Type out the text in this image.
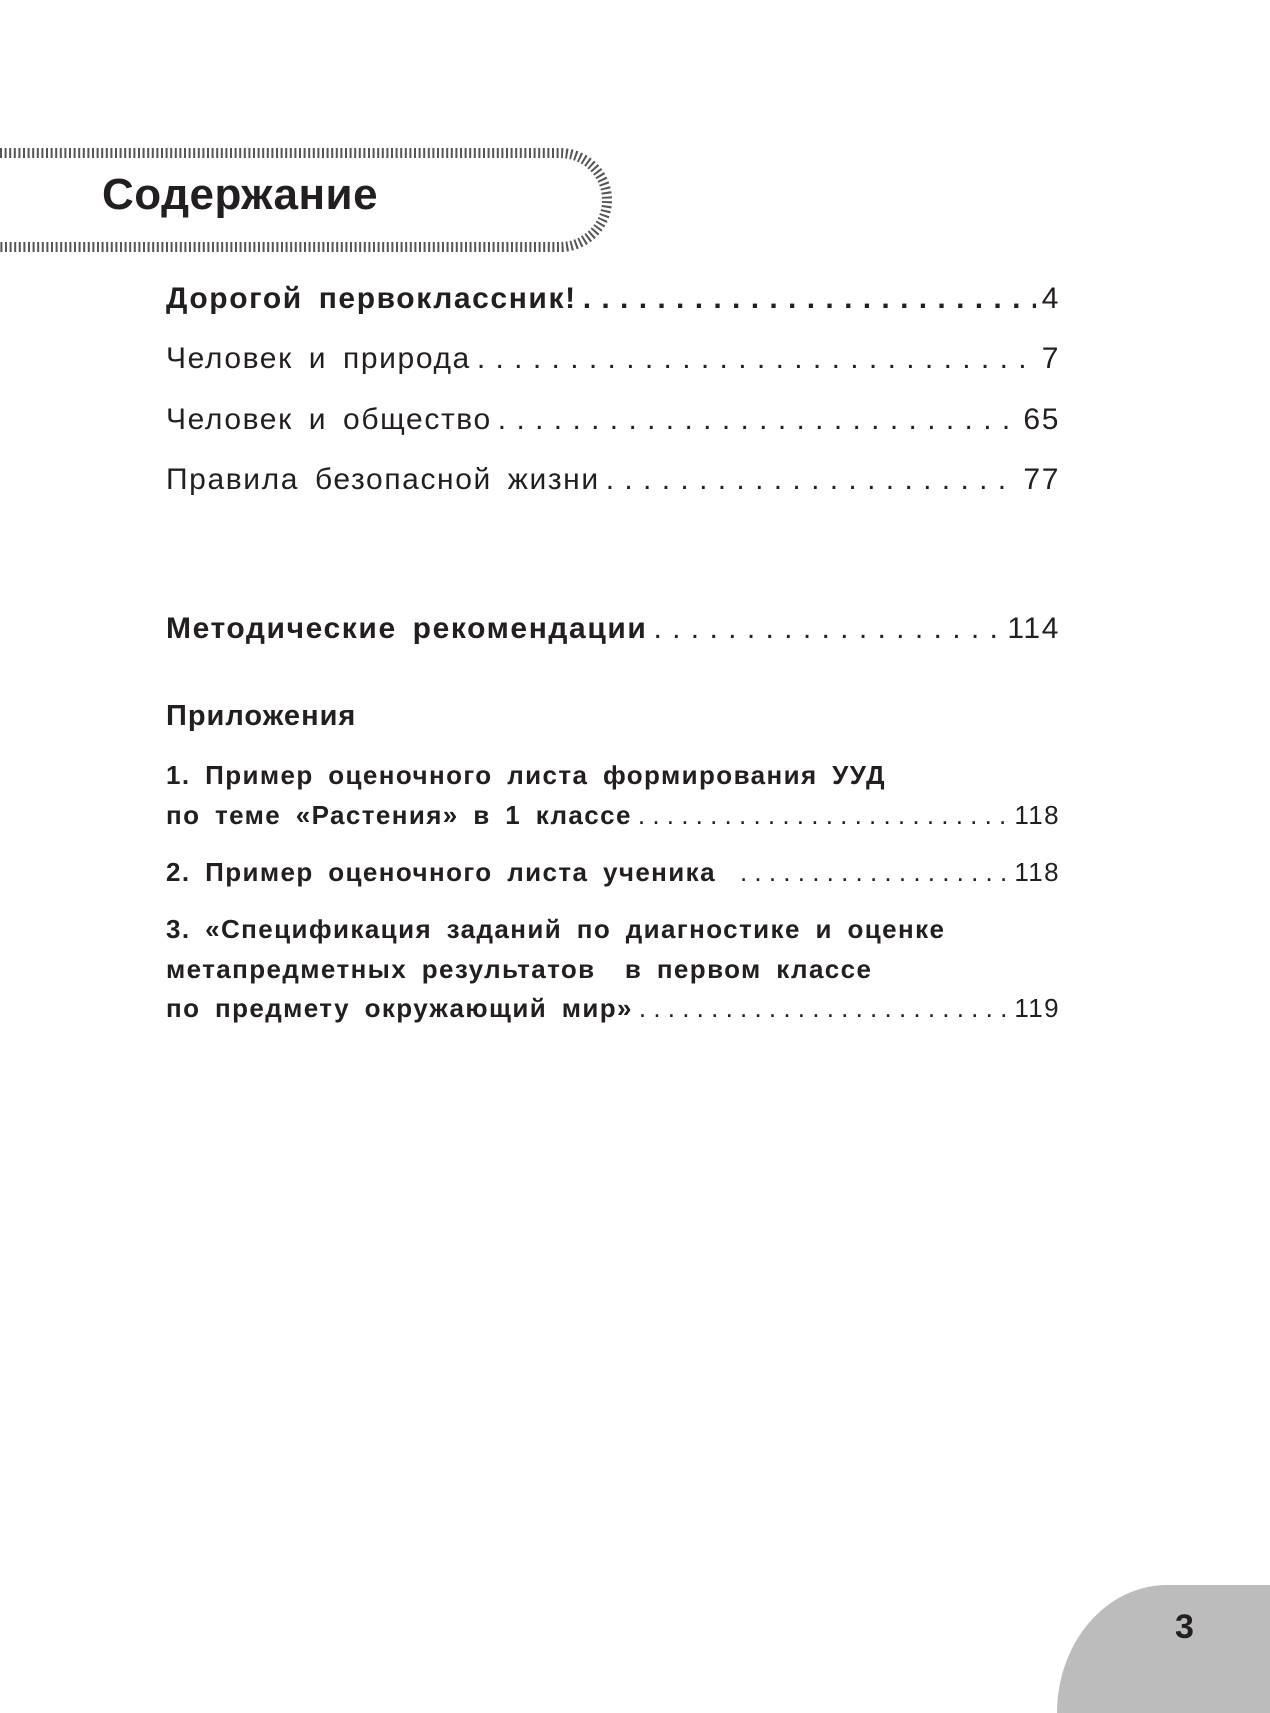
Содержание
Дорогой первоклассник! . . .	4
Человек и природа . . .	7
Человек и общество . . .	65
Правила безопасной жизни . . .	77
Методические рекомендации . . .	114
Приложения
1. Пример оценочного листа формирования УУД
по теме «Растения» в 1 классе . . .	118
2. Пример оценочного листа ученика . . .	118
3. «Спецификация заданий по диагностике и оценке
метапредметных результатов  в первом классе
по предмету окружающий мир» . . .	119
3
